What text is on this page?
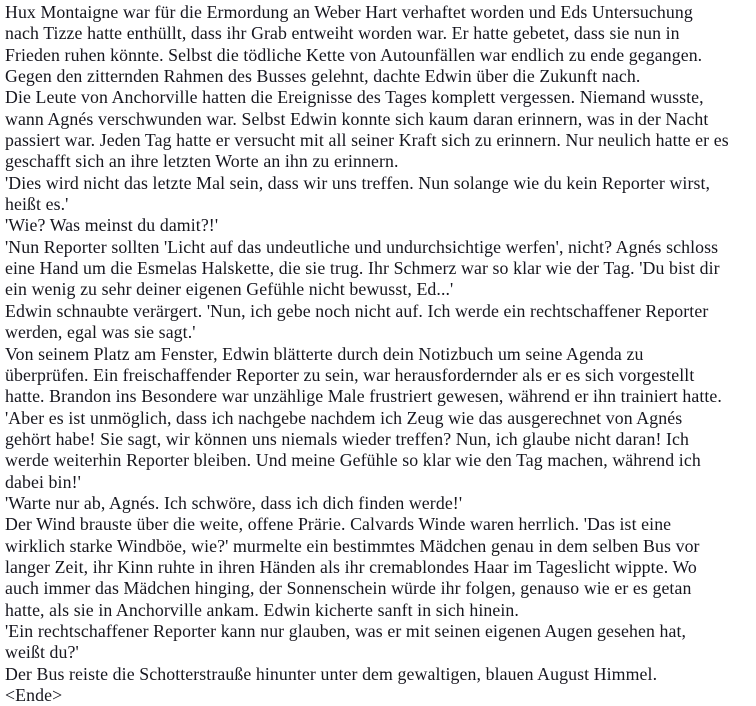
Hux Montaigne war für die Ermordung an Weber Hart verhaftet worden und Eds Untersuchung
nach Tizze hatte enthüllt, dass ihr Grab entweiht worden war. Er hatte gebetet, dass sie nun in
Frieden ruhen könnte. Selbst die tödliche Kette von Autounfällen war endlich zu ende gegangen.
Gegen den zitternden Rahmen des Busses gelehnt, dachte Edwin über die Zukunft nach.
Die Leute von Anchorville hatten die Ereignisse des Tages komplett vergessen. Niemand wusste,
wann Agnés verschwunden war. Selbst Edwin konnte sich kaum daran erinnern, was in der Nacht
passiert war. Jeden Tag hatte er versucht mit all seiner Kraft sich zu erinnern. Nur neulich hatte er es
geschafft sich an ihre letzten Worte an ihn zu erinnern.
'Dies wird nicht das letzte Mal sein, dass wir uns treffen. Nun solange wie du kein Reporter wirst,
heißt es.'
'Wie? Was meinst du damit?!'
'Nun Reporter sollten 'Licht auf das undeutliche und undurchsichtige werfen', nicht? Agnés schloss
eine Hand um die Esmelas Halskette, die sie trug. Ihr Schmerz war so klar wie der Tag. 'Du bist dir
ein wenig zu sehr deiner eigenen Gefühle nicht bewusst, Ed...'
Edwin schnaubte verärgert. 'Nun, ich gebe noch nicht auf. Ich werde ein rechtschaffener Reporter
werden, egal was sie sagt.'
Von seinem Platz am Fenster, Edwin blätterte durch dein Notizbuch um seine Agenda zu
überprüfen. Ein freischaffender Reporter zu sein, war herausfordernder als er es sich vorgestellt
hatte. Brandon ins Besondere war unzählige Male frustriert gewesen, während er ihn trainiert hatte.
'Aber es ist unmöglich, dass ich nachgebe nachdem ich Zeug wie das ausgerechnet von Agnés
gehört habe! Sie sagt, wir können uns niemals wieder treffen? Nun, ich glaube nicht daran! Ich
werde weiterhin Reporter bleiben. Und meine Gefühle so klar wie den Tag machen, während ich
dabei bin!'
'Warte nur ab, Agnés. Ich schwöre, dass ich dich finden werde!'
Der Wind brauste über die weite, offene Prärie. Calvards Winde waren herrlich. 'Das ist eine
wirklich starke Windböe, wie?' murmelte ein bestimmtes Mädchen genau in dem selben Bus vor
langer Zeit, ihr Kinn ruhte in ihren Händen als ihr cremablondes Haar im Tageslicht wippte. Wo
auch immer das Mädchen hinging, der Sonnenschein würde ihr folgen, genauso wie er es getan
hatte, als sie in Anchorville ankam. Edwin kicherte sanft in sich hinein.
'Ein rechtschaffener Reporter kann nur glauben, was er mit seinen eigenen Augen gesehen hat,
weißt du?'
Der Bus reiste die Schotterstrauße hinunter unter dem gewaltigen, blauen August Himmel.
<Ende>
